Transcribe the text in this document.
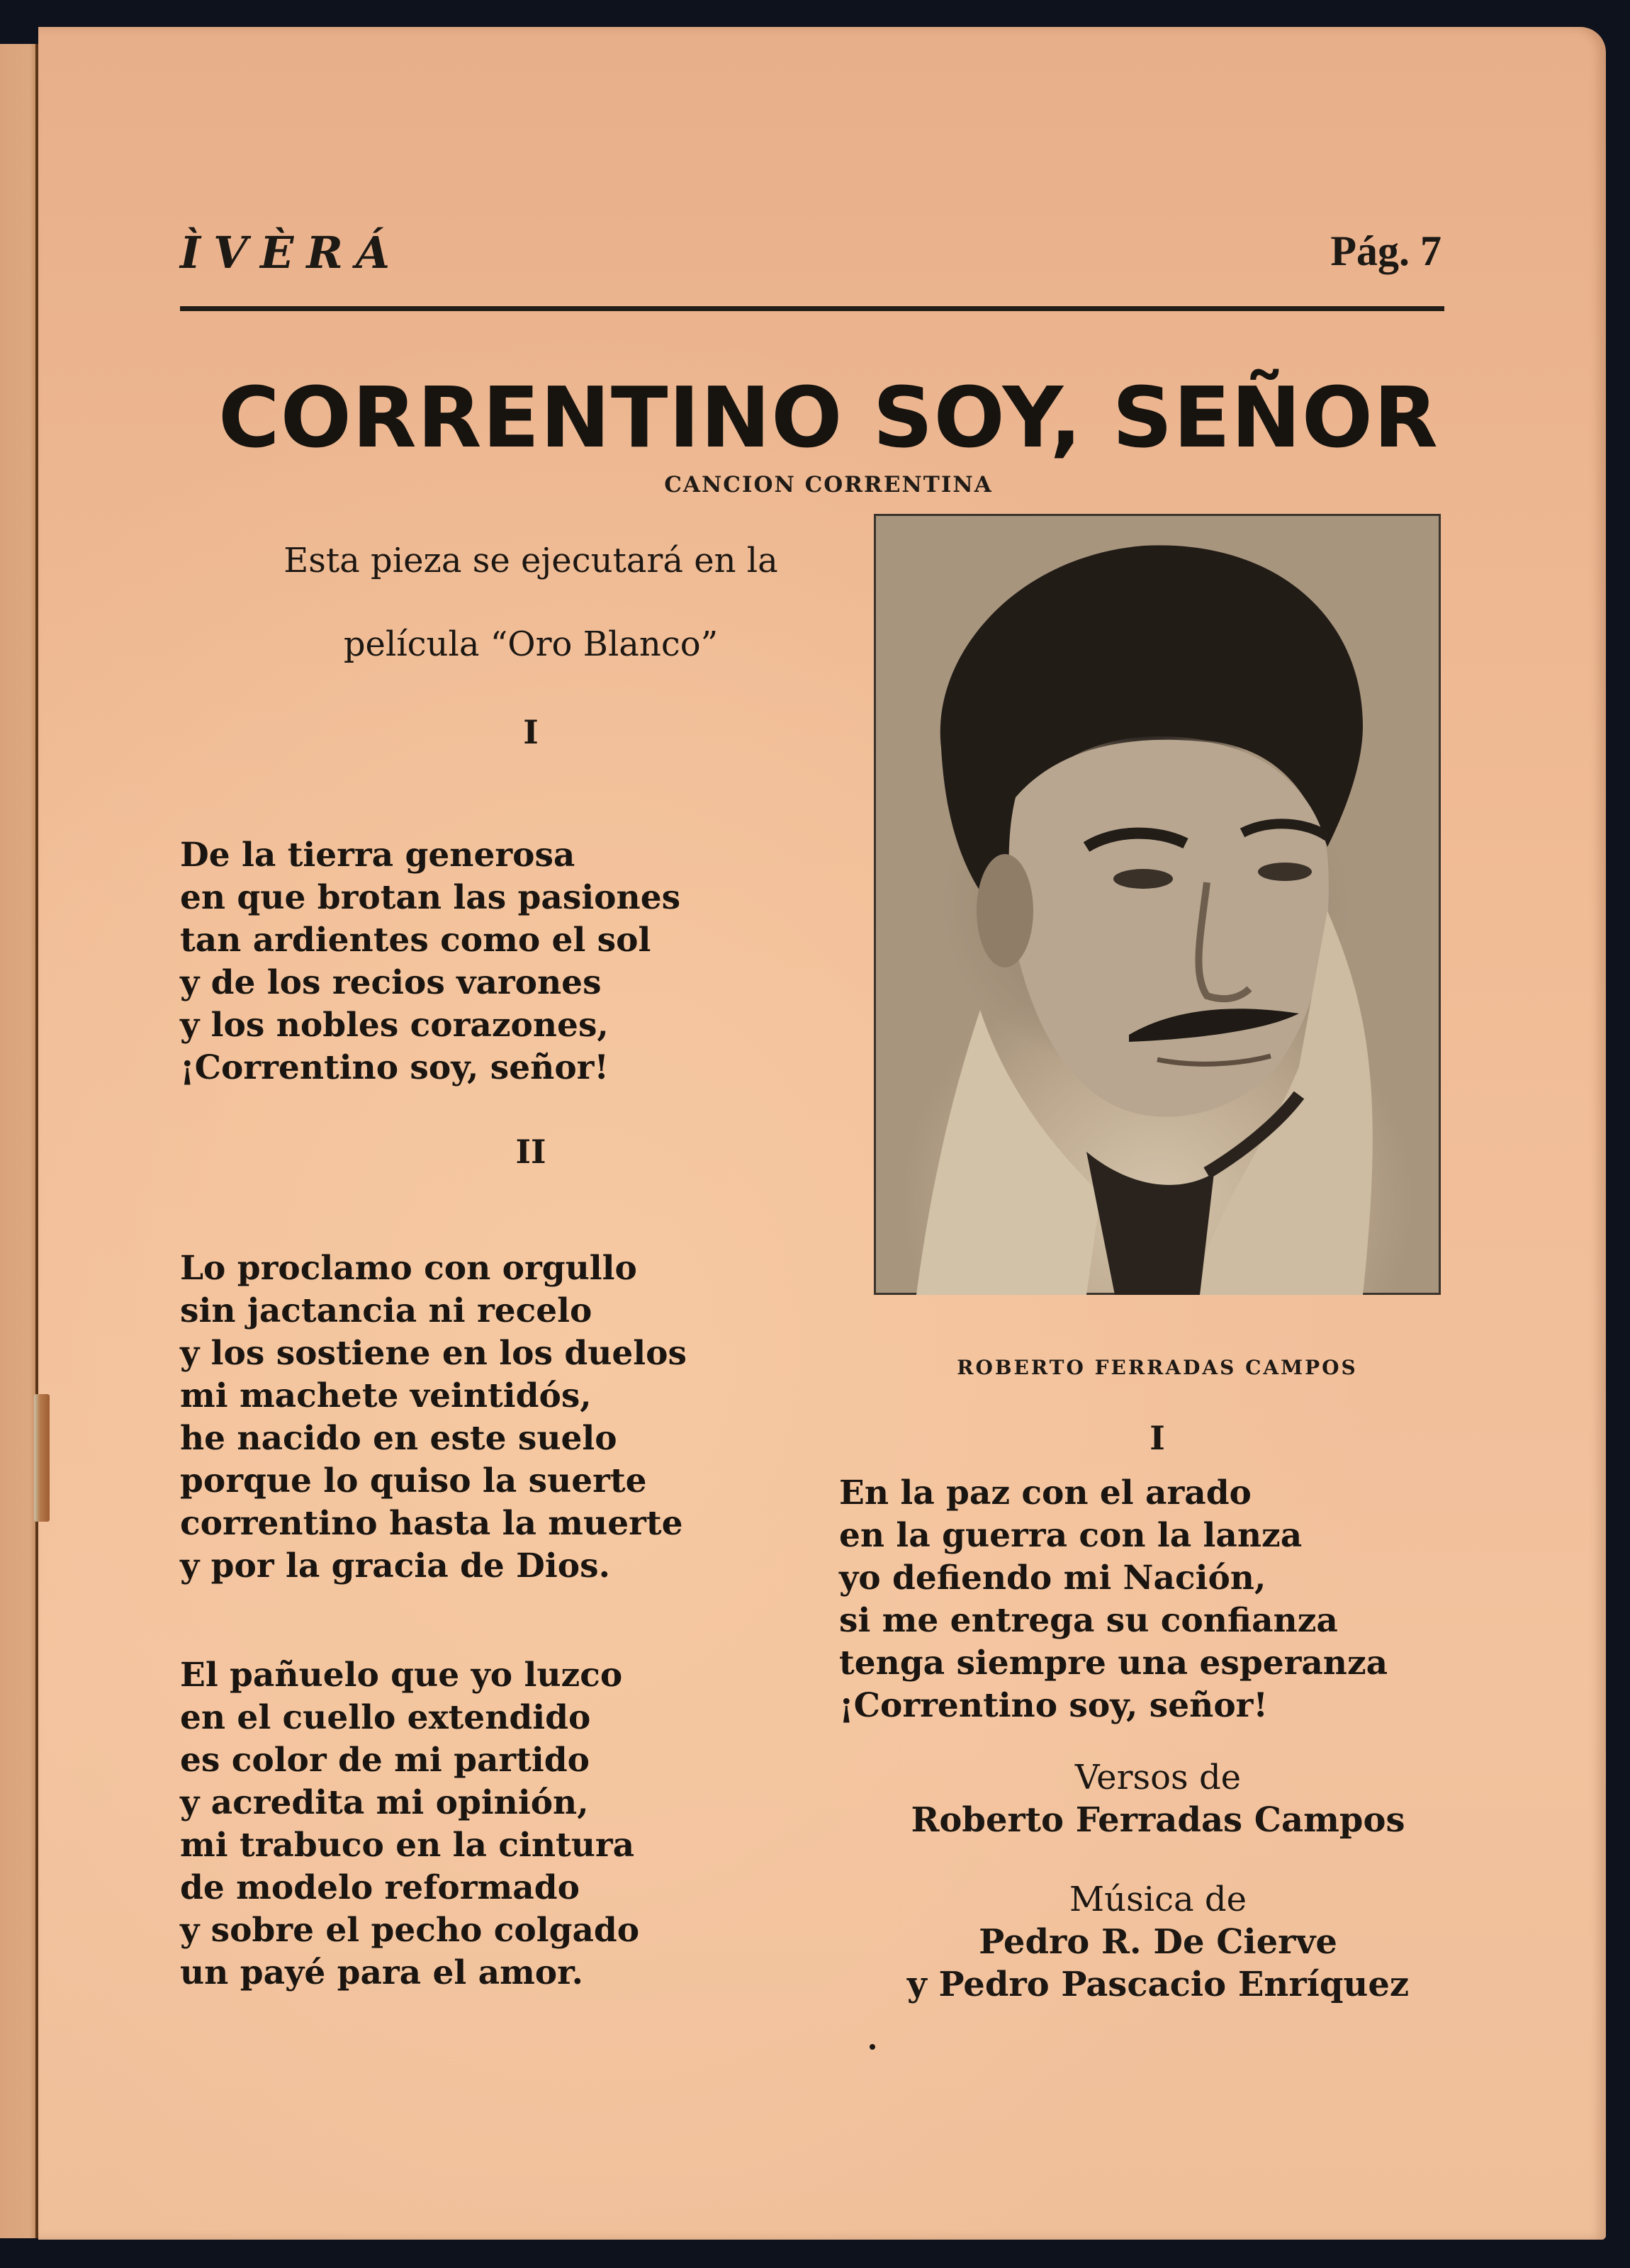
ÌVÈRÁ	Pág. 7
CORRENTINO SOY, SEÑOR
CANCION CORRENTINA
Esta pieza se ejecutará en la
película “Oro Blanco”
I
De la tierra generosa
en que brotan las pasiones
tan ardientes como el sol
y de los recios varones
y los nobles corazones,
¡Correntino soy, señor!
II
Lo proclamo con orgullo
sin jactancia ni recelo
y los sostiene en los duelos
mi machete veintidós,
he nacido en este suelo
porque lo quiso la suerte
correntino hasta la muerte
y por la gracia de Dios.
El pañuelo que yo luzco
en el cuello extendido
es color de mi partido
y acredita mi opinión,
mi trabuco en la cintura
de modelo reformado
y sobre el pecho colgado
un payé para el amor.
ROBERTO FERRADAS CAMPOS
I
En la paz con el arado
en la guerra con la lanza
yo defiendo mi Nación,
si me entrega su confianza
tenga siempre una esperanza
¡Correntino soy, señor!
Versos de
Roberto Ferradas Campos
Música de
Pedro R. De Cierve
y Pedro Pascacio Enríquez
